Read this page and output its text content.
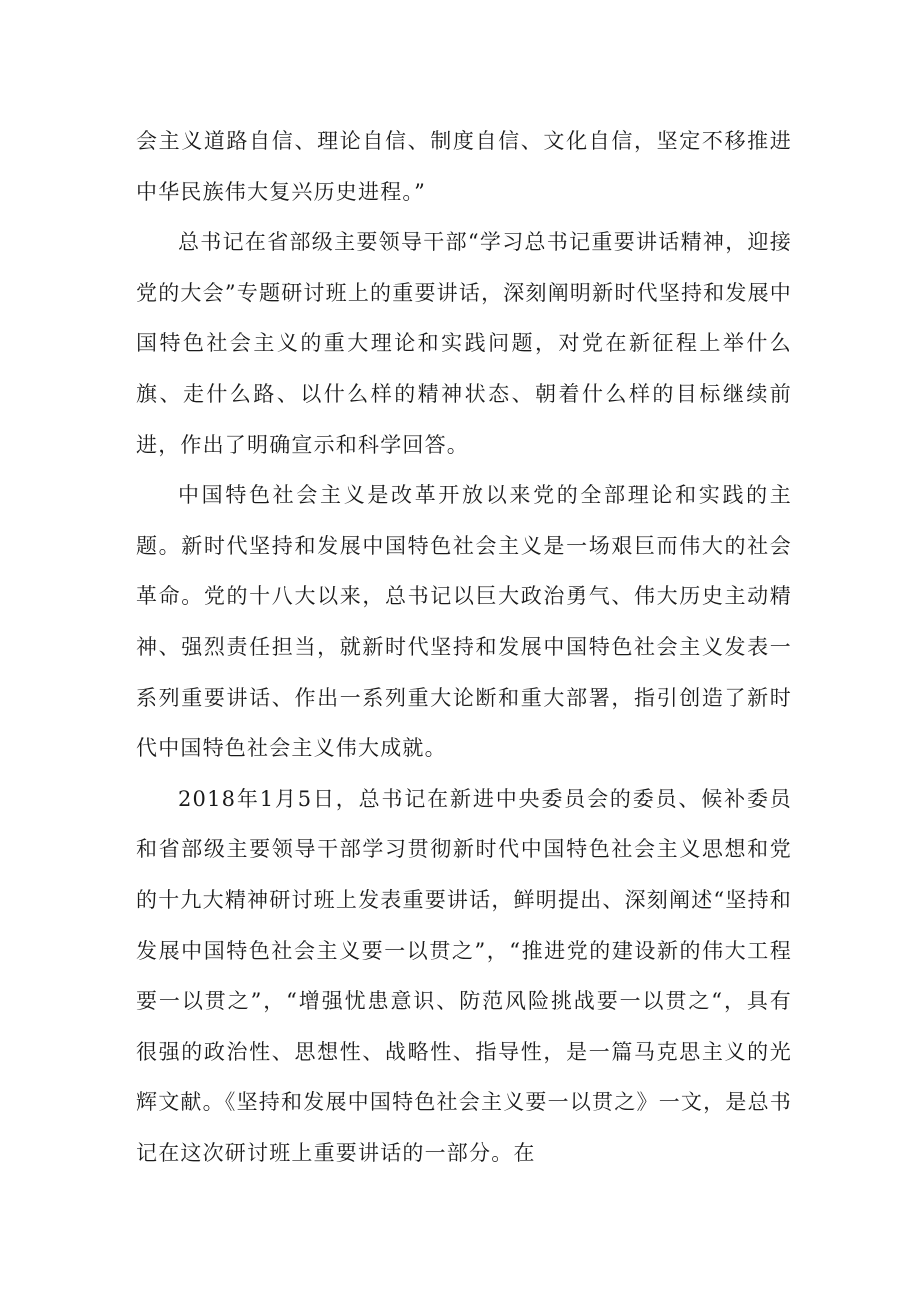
会主义道路自信、理论自信、制度自信、文化自信，坚定不移推进中华民族伟大复兴历史进程。”

总书记在省部级主要领导干部“学习总书记重要讲话精神，迎接党的大会”专题研讨班上的重要讲话，深刻阐明新时代坚持和发展中国特色社会主义的重大理论和实践问题，对党在新征程上举什么旗、走什么路、以什么样的精神状态、朝着什么样的目标继续前进，作出了明确宣示和科学回答。

中国特色社会主义是改革开放以来党的全部理论和实践的主题。新时代坚持和发展中国特色社会主义是一场艰巨而伟大的社会革命。党的十八大以来，总书记以巨大政治勇气、伟大历史主动精神、强烈责任担当，就新时代坚持和发展中国特色社会主义发表一系列重要讲话、作出一系列重大论断和重大部署，指引创造了新时代中国特色社会主义伟大成就。

2018年1月5日，总书记在新进中央委员会的委员、候补委员和省部级主要领导干部学习贯彻新时代中国特色社会主义思想和党的十九大精神研讨班上发表重要讲话，鲜明提出、深刻阐述“坚持和发展中国特色社会主义要一以贯之”，“推进党的建设新的伟大工程要一以贯之”，“增强忧患意识、防范风险挑战要一以贯之“，具有很强的政治性、思想性、战略性、指导性，是一篇马克思主义的光辉文献。《坚持和发展中国特色社会主义要一以贯之》一文，是总书记在这次研讨班上重要讲话的一部分。在
